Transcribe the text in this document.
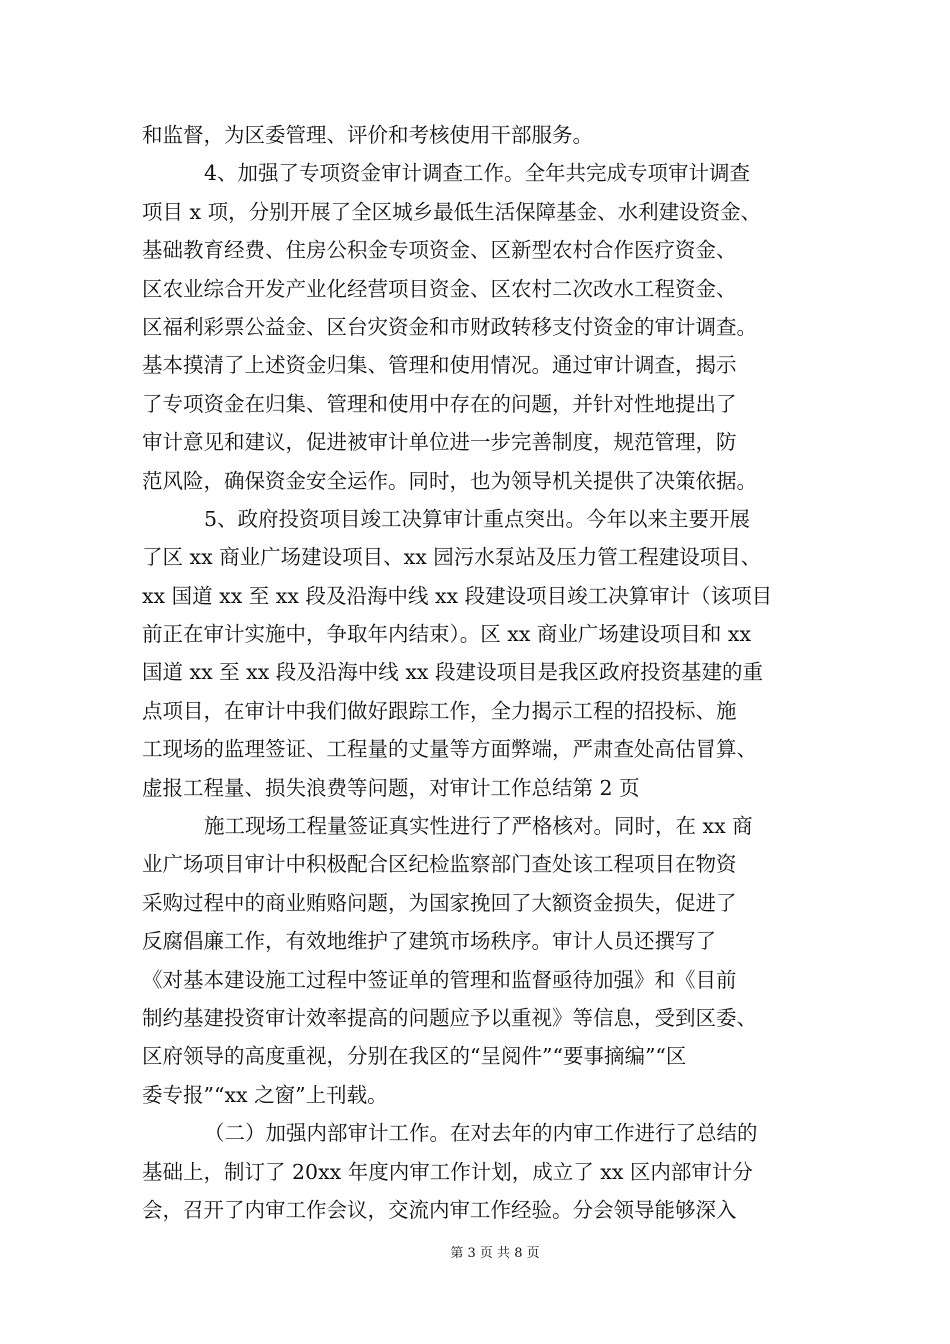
和监督，为区委管理、评价和考核使用干部服务。
4、加强了专项资金审计调查工作。全年共完成专项审计调查
项目 x 项，分别开展了全区城乡最低生活保障基金、水利建设资金、
基础教育经费、住房公积金专项资金、区新型农村合作医疗资金、
区农业综合开发产业化经营项目资金、区农村二次改水工程资金、
区福利彩票公益金、区台灾资金和市财政转移支付资金的审计调查。
基本摸清了上述资金归集、管理和使用情况。通过审计调查，揭示
了专项资金在归集、管理和使用中存在的问题，并针对性地提出了
审计意见和建议，促进被审计单位进一步完善制度，规范管理，防
范风险，确保资金安全运作。同时，也为领导机关提供了决策依据。
5、政府投资项目竣工决算审计重点突出。今年以来主要开展
了区 xx 商业广场建设项目、xx 园污水泵站及压力管工程建设项目、
xx 国道 xx 至 xx 段及沿海中线 xx 段建设项目竣工决算审计（该项目
前正在审计实施中，争取年内结束）。区 xx 商业广场建设项目和 xx
国道 xx 至 xx 段及沿海中线 xx 段建设项目是我区政府投资基建的重
点项目，在审计中我们做好跟踪工作，全力揭示工程的招投标、施
工现场的监理签证、工程量的丈量等方面弊端，严肃查处高估冒算、
虚报工程量、损失浪费等问题，对审计工作总结第 2 页
施工现场工程量签证真实性进行了严格核对。同时，在 xx 商
业广场项目审计中积极配合区纪检监察部门查处该工程项目在物资
采购过程中的商业贿赂问题，为国家挽回了大额资金损失，促进了
反腐倡廉工作，有效地维护了建筑市场秩序。审计人员还撰写了
《对基本建设施工过程中签证单的管理和监督亟待加强》和《目前
制约基建投资审计效率提高的问题应予以重视》等信息，受到区委、
区府领导的高度重视，分别在我区的“呈阅件”“要事摘编”“区
委专报”“xx 之窗”上刊载。
（二）加强内部审计工作。在对去年的内审工作进行了总结的
基础上，制订了 20xx 年度内审工作计划，成立了 xx 区内部审计分
会，召开了内审工作会议，交流内审工作经验。分会领导能够深入
第 3 页 共 8 页
